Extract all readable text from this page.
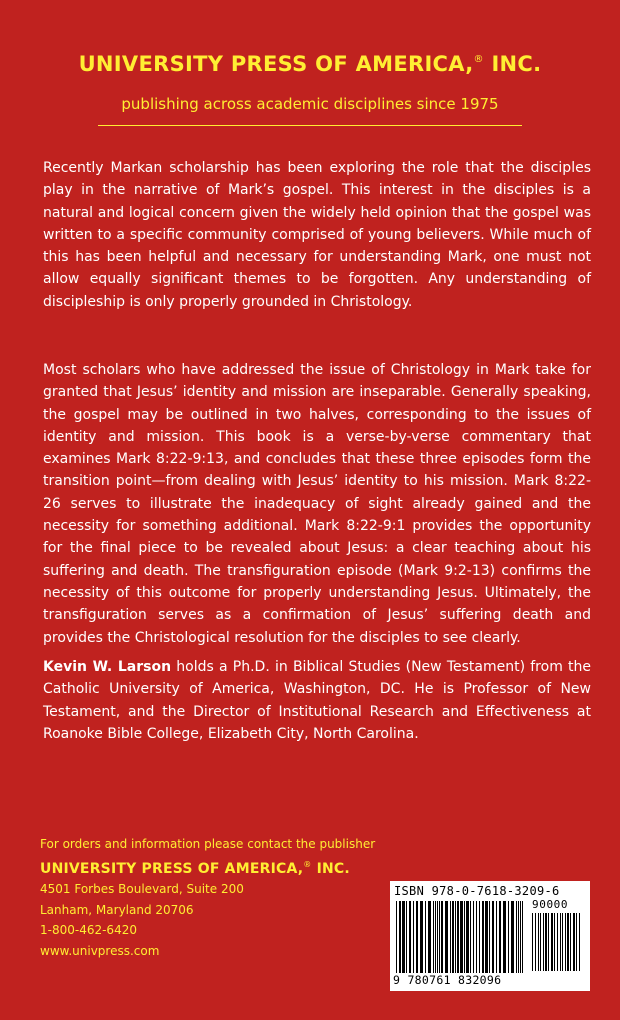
UNIVERSITY PRESS OF AMERICA,® INC.
publishing across academic disciplines since 1975

Recently Markan scholarship has been exploring the role that the disciples play in the narrative of Mark’s gospel. This interest in the disciples is a natural and logical concern given the widely held opinion that the gospel was written to a specific community comprised of young believers. While much of this has been helpful and necessary for understanding Mark, one must not allow equally significant themes to be forgotten. Any understanding of discipleship is only properly grounded in Christology.

Most scholars who have addressed the issue of Christology in Mark take for granted that Jesus’ identity and mission are inseparable. Generally speaking, the gospel may be outlined in two halves, corresponding to the issues of identity and mission. This book is a verse-by-verse commentary that examines Mark 8:22-9:13, and concludes that these three episodes form the transition point—from dealing with Jesus’ identity to his mission. Mark 8:22-26 serves to illustrate the inadequacy of sight already gained and the necessity for something additional. Mark 8:22-9:1 provides the opportunity for the final piece to be revealed about Jesus: a clear teaching about his suffering and death. The transfiguration episode (Mark 9:2-13) confirms the necessity of this outcome for properly understanding Jesus. Ultimately, the transfiguration serves as a confirmation of Jesus’ suffering death and provides the Christological resolution for the disciples to see clearly.

Kevin W. Larson holds a Ph.D. in Biblical Studies (New Testament) from the Catholic University of America, Washington, DC. He is Professor of New Testament, and the Director of Institutional Research and Effectiveness at Roanoke Bible College, Elizabeth City, North Carolina.

For orders and information please contact the publisher
UNIVERSITY PRESS OF AMERICA,® INC.
4501 Forbes Boulevard, Suite 200
Lanham, Maryland 20706
1-800-462-6420
www.univpress.com
ISBN 978-0-7618-3209-6
90000
9 780761 832096
